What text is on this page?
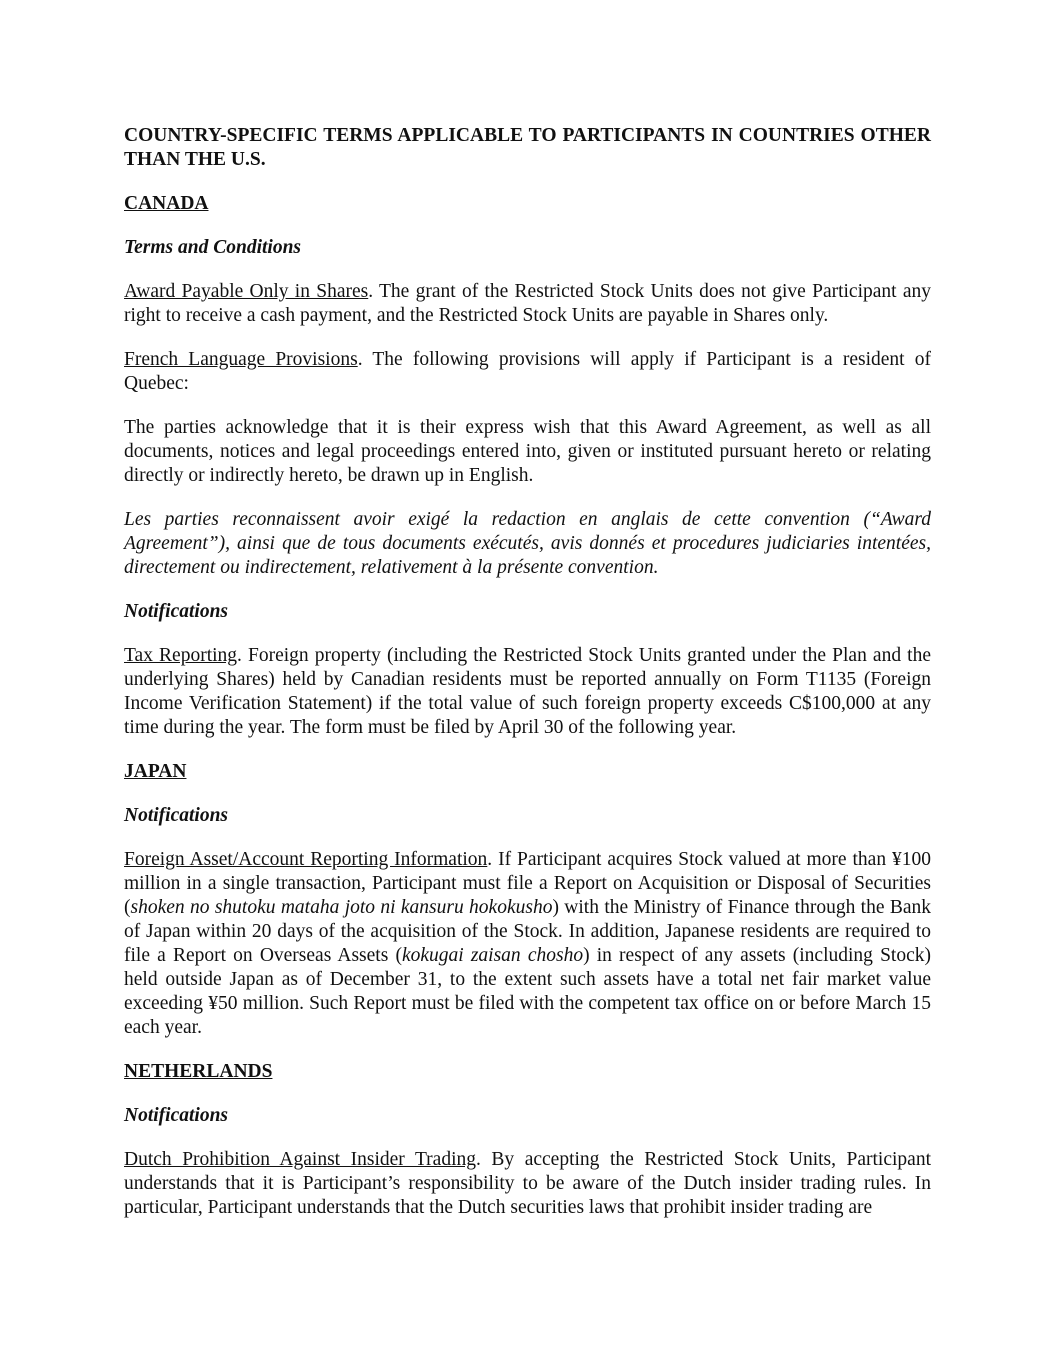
COUNTRY-SPECIFIC TERMS APPLICABLE TO PARTICIPANTS IN COUNTRIES OTHER THAN THE U.S.

CANADA

Terms and Conditions

Award Payable Only in Shares. The grant of the Restricted Stock Units does not give Participant any right to receive a cash payment, and the Restricted Stock Units are payable in Shares only.

French Language Provisions. The following provisions will apply if Participant is a resident of Quebec:

The parties acknowledge that it is their express wish that this Award Agreement, as well as all documents, notices and legal proceedings entered into, given or instituted pursuant hereto or relating directly or indirectly hereto, be drawn up in English.

Les parties reconnaissent avoir exigé la redaction en anglais de cette convention (“Award Agreement”), ainsi que de tous documents exécutés, avis donnés et procedures judiciaries intentées, directement ou indirectement, relativement à la présente convention.

Notifications

Tax Reporting. Foreign property (including the Restricted Stock Units granted under the Plan and the underlying Shares) held by Canadian residents must be reported annually on Form T1135 (Foreign Income Verification Statement) if the total value of such foreign property exceeds C$100,000 at any time during the year. The form must be filed by April 30 of the following year.

JAPAN

Notifications

Foreign Asset/Account Reporting Information. If Participant acquires Stock valued at more than ¥100 million in a single transaction, Participant must file a Report on Acquisition or Disposal of Securities (shoken no shutoku mataha joto ni kansuru hokokusho) with the Ministry of Finance through the Bank of Japan within 20 days of the acquisition of the Stock. In addition, Japanese residents are required to file a Report on Overseas Assets (kokugai zaisan chosho) in respect of any assets (including Stock) held outside Japan as of December 31, to the extent such assets have a total net fair market value exceeding ¥50 million. Such Report must be filed with the competent tax office on or before March 15 each year.

NETHERLANDS

Notifications

Dutch Prohibition Against Insider Trading. By accepting the Restricted Stock Units, Participant understands that it is Participant’s responsibility to be aware of the Dutch insider trading rules. In particular, Participant understands that the Dutch securities laws that prohibit insider trading are
